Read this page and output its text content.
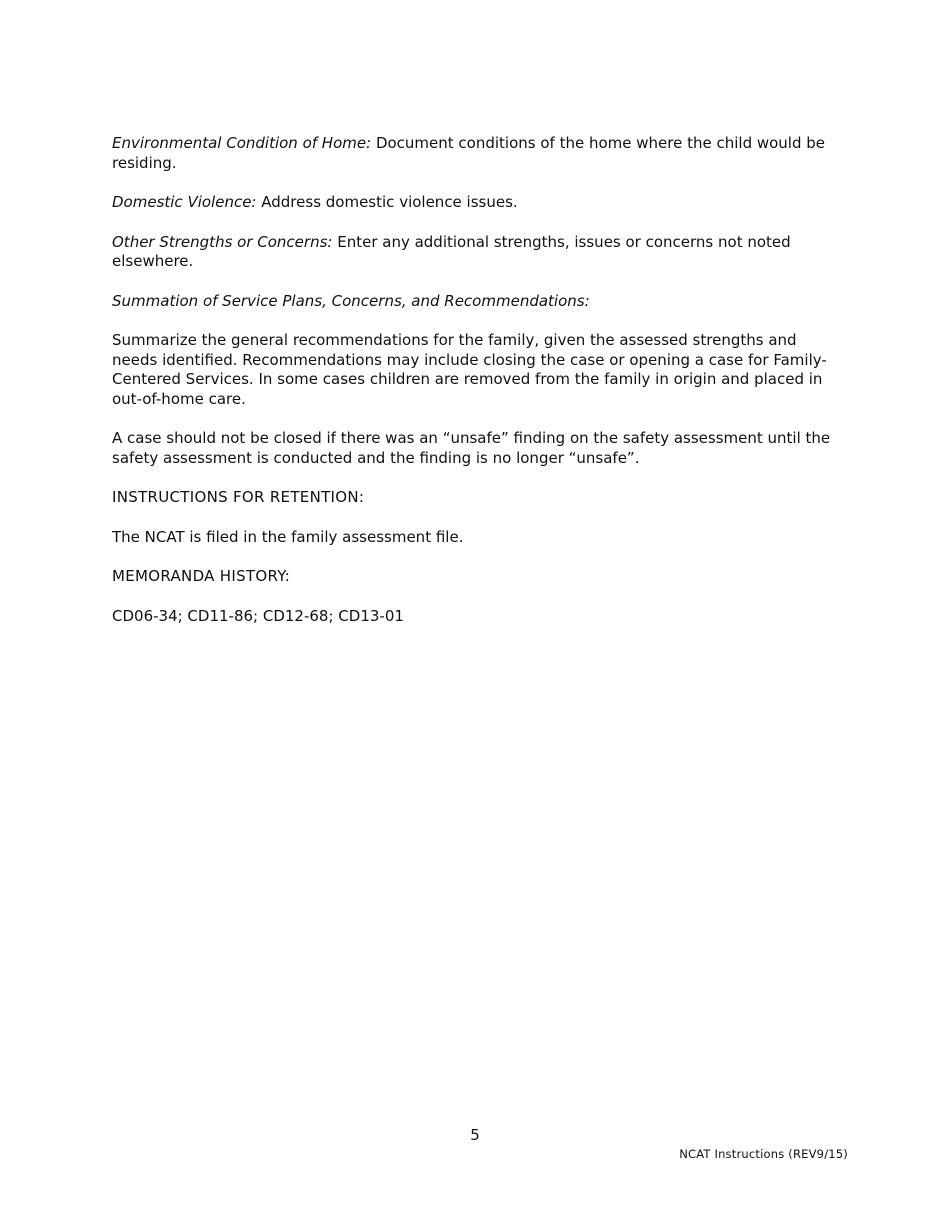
Environmental Condition of Home: Document conditions of the home where the child would be residing.

Domestic Violence: Address domestic violence issues.

Other Strengths or Concerns: Enter any additional strengths, issues or concerns not noted elsewhere.

Summation of Service Plans, Concerns, and Recommendations:

Summarize the general recommendations for the family, given the assessed strengths and needs identified. Recommendations may include closing the case or opening a case for Family-Centered Services. In some cases children are removed from the family in origin and placed in out-of-home care.

A case should not be closed if there was an “unsafe” finding on the safety assessment until the safety assessment is conducted and the finding is no longer “unsafe”.

INSTRUCTIONS FOR RETENTION:

The NCAT is filed in the family assessment file.

MEMORANDA HISTORY:

CD06-34; CD11-86; CD12-68; CD13-01

5
NCAT Instructions (REV9/15)
